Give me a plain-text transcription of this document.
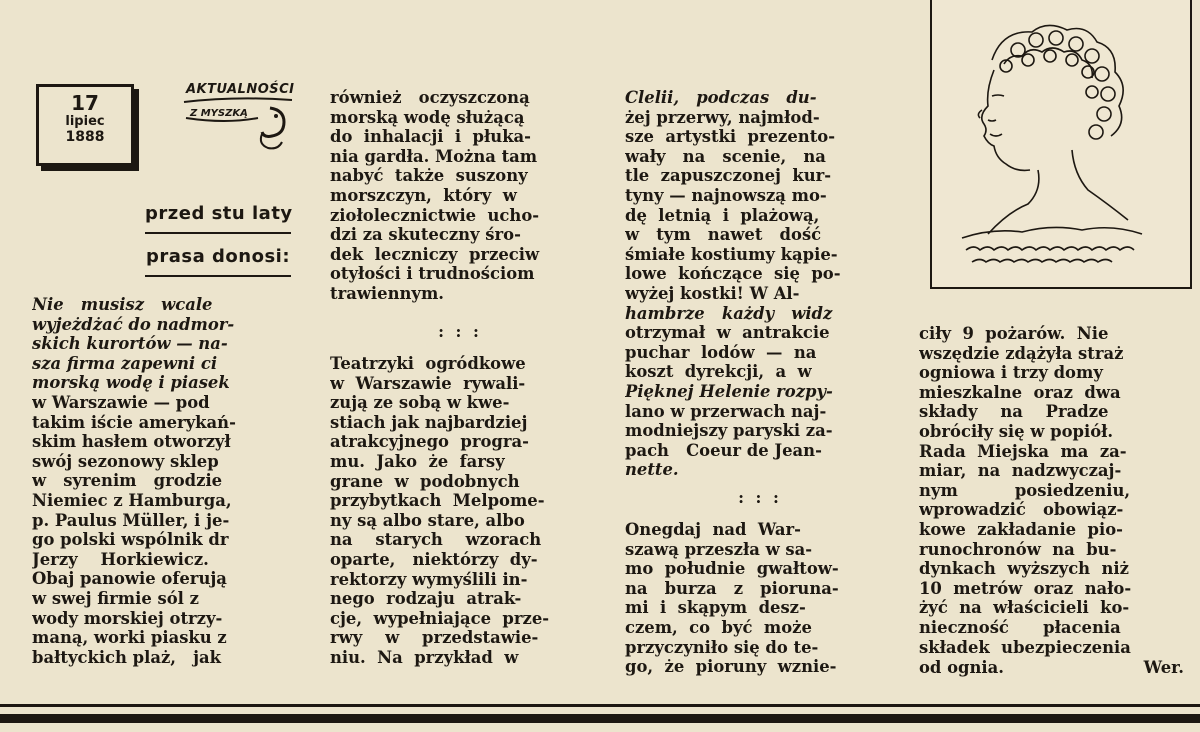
17
lipiec
1888
AKTUALNOŚCI
Z MYSZKĄ
przed stu laty
prasa donosi:
Nie   musisz   wcale
wyjeżdżać do nadmor-
skich kurortów — na-
sza firma zapewni ci
morską wodę i piasek
w Warszawie — pod
takim iście amerykań-
skim hasłem otworzył
swój sezonowy sklep
w   syrenim   grodzie
Niemiec z Hamburga,
p. Paulus Müller, i je-
go polski wspólnik dr
Jerzy    Horkiewicz.
Obaj panowie oferują
w swej firmie sól z
wody morskiej otrzy-
maną, worki piasku z
bałtyckich plaż,   jak
również   oczyszczoną
morską wodę służącą
do  inhalacji  i  płuka-
nia gardła. Można tam
nabyć  także  suszony
morszczyn,  który  w
ziołolecznictwie  ucho-
dzi za skuteczny śro-
dek  leczniczy  przeciw
otyłości i trudnościom
trawiennym.
: : :
Teatrzyki  ogródkowe
w  Warszawie  rywali-
zują ze sobą w kwe-
stiach jak najbardziej
atrakcyjnego  progra-
mu.  Jako  że  farsy
grane  w  podobnych
przybytkach  Melpome-
ny są albo stare, albo
na    starych    wzorach
oparte,   niektórzy  dy-
rektorzy wymyślili in-
nego  rodzaju  atrak-
cje,  wypełniające  prze-
rwy    w    przedstawie-
niu.  Na  przykład  w
Clelii,   podczas   du-
żej przerwy, najmłod-
sze  artystki  prezento-
wały   na   scenie,   na
tle  zapuszczonej  kur-
tyny — najnowszą mo-
dę  letnią  i  plażową,
w   tym   nawet   dość
śmiałe kostiumy kąpie-
lowe  kończące  się  po-
wyżej kostki! W Al-
hambrze   każdy   widz
otrzymał  w  antrakcie
puchar  lodów  —  na
koszt  dyrekcji,  a  w
Pięknej Helenie rozpy-
lano w przerwach naj-
modniejszy paryski za-
pach   Coeur de Jean-
nette.
: : :
Onegdaj  nad  War-
szawą przeszła w sa-
mo  południe  gwałtow-
na   burza   z   piorunа-
mi  i  skąpym  desz-
czem,  co  być  może
przyczyniło się do te-
go,  że  pioruny  wznie-
ciły  9  pożarów.  Nie
wszędzie zdążyła straż
ogniowa i trzy domy
mieszkalne  oraz  dwa
składy    na    Pradze
obróciły się w popiół.
Rada  Miejska  ma  za-
miar,  na  nadzwyczaj-
nym          posiedzeniu,
wprowadzić   obowiąz-
kowe  zakładanie  pio-
runochronów  na  bu-
dynkach  wyższych  niż
10  metrów  oraz  nało-
żyć  na  właścicieli  ko-
nieczność      płacenia
składek  ubezpieczenia
od ognia.	Wer.
